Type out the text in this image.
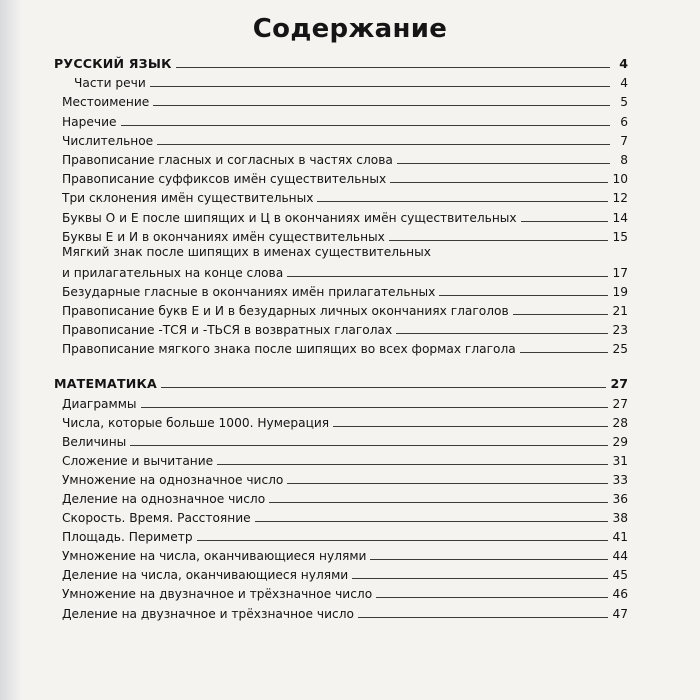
Содержание
РУССКИЙ ЯЗЫК	4
Части речи	4
Местоимение	5
Наречие	6
Числительное	7
Правописание гласных и согласных в частях слова	8
Правописание суффиксов имён существительных	10
Три склонения имён существительных	12
Буквы О и Е после шипящих и Ц в окончаниях имён существительных	14
Буквы Е и И в окончаниях имён существительных	15
Мягкий знак после шипящих в именах существительных
и прилагательных на конце слова	17
Безударные гласные в окончаниях имён прилагательных	19
Правописание букв Е и И в безударных личных окончаниях глаголов	21
Правописание -ТСЯ и -ТЬСЯ в возвратных глаголах	23
Правописание мягкого знака после шипящих во всех формах глагола	25
МАТЕМАТИКА	27
Диаграммы	27
Числа, которые больше 1000. Нумерация	28
Величины	29
Сложение и вычитание	31
Умножение на однозначное число	33
Деление на однозначное число	36
Скорость. Время. Расстояние	38
Площадь. Периметр	41
Умножение на числа, оканчивающиеся нулями	44
Деление на числа, оканчивающиеся нулями	45
Умножение на двузначное и трёхзначное число	46
Деление на двузначное и трёхзначное число	47
